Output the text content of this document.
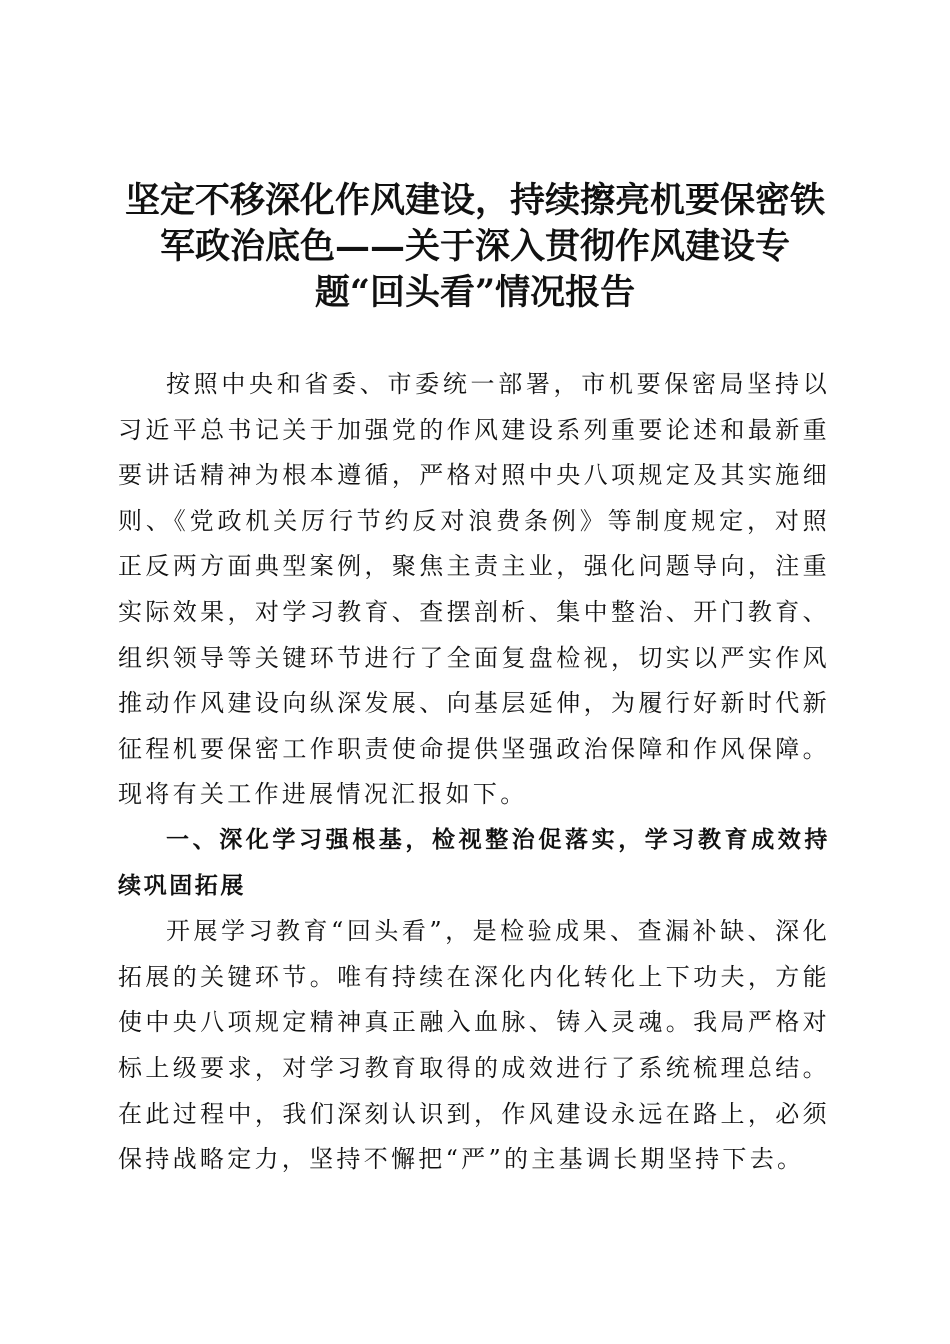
坚定不移深化作风建设，持续擦亮机要保密铁
军政治底色——关于深入贯彻作风建设专
题“回头看”情况报告

按照中央和省委、市委统一部署，市机要保密局坚持以习近平总书记关于加强党的作风建设系列重要论述和最新重要讲话精神为根本遵循，严格对照中央八项规定及其实施细则、《党政机关厉行节约反对浪费条例》等制度规定，对照正反两方面典型案例，聚焦主责主业，强化问题导向，注重实际效果，对学习教育、查摆剖析、集中整治、开门教育、组织领导等关键环节进行了全面复盘检视，切实以严实作风推动作风建设向纵深发展、向基层延伸，为履行好新时代新征程机要保密工作职责使命提供坚强政治保障和作风保障。现将有关工作进展情况汇报如下。

一、深化学习强根基，检视整治促落实，学习教育成效持续巩固拓展

开展学习教育“回头看”，是检验成果、查漏补缺、深化拓展的关键环节。唯有持续在深化内化转化上下功夫，方能使中央八项规定精神真正融入血脉、铸入灵魂。我局严格对标上级要求，对学习教育取得的成效进行了系统梳理总结。在此过程中，我们深刻认识到，作风建设永远在路上，必须保持战略定力，坚持不懈把“严”的主基调长期坚持下去。
